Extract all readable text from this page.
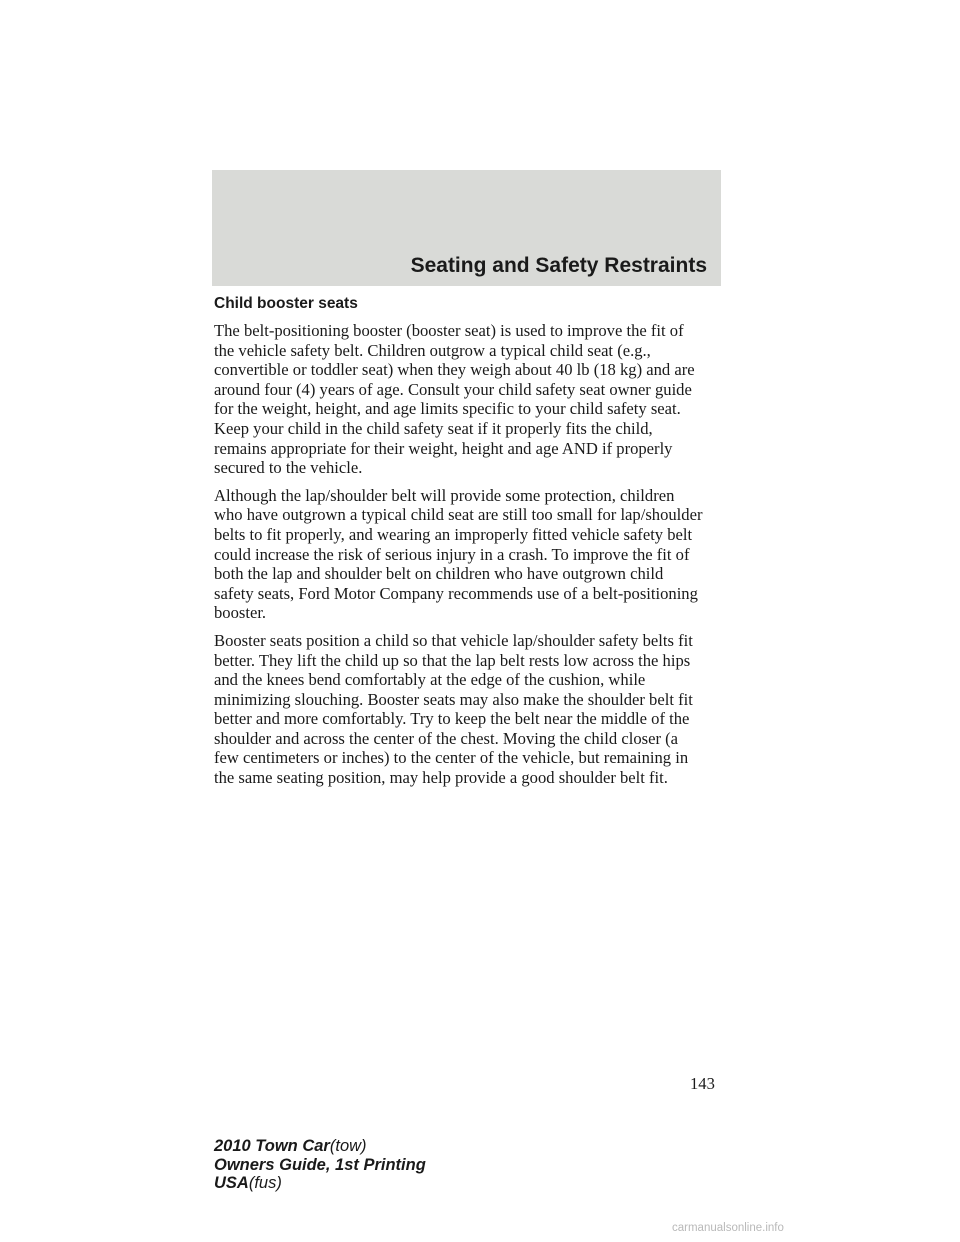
Seating and Safety Restraints
Child booster seats

The belt-positioning booster (booster seat) is used to improve the fit of
the vehicle safety belt. Children outgrow a typical child seat (e.g.,
convertible or toddler seat) when they weigh about 40 lb (18 kg) and are
around four (4) years of age. Consult your child safety seat owner guide
for the weight, height, and age limits specific to your child safety seat.
Keep your child in the child safety seat if it properly fits the child,
remains appropriate for their weight, height and age AND if properly
secured to the vehicle.

Although the lap/shoulder belt will provide some protection, children
who have outgrown a typical child seat are still too small for lap/shoulder
belts to fit properly, and wearing an improperly fitted vehicle safety belt
could increase the risk of serious injury in a crash. To improve the fit of
both the lap and shoulder belt on children who have outgrown child
safety seats, Ford Motor Company recommends use of a belt-positioning
booster.

Booster seats position a child so that vehicle lap/shoulder safety belts fit
better. They lift the child up so that the lap belt rests low across the hips
and the knees bend comfortably at the edge of the cushion, while
minimizing slouching. Booster seats may also make the shoulder belt fit
better and more comfortably. Try to keep the belt near the middle of the
shoulder and across the center of the chest. Moving the child closer (a
few centimeters or inches) to the center of the vehicle, but remaining in
the same seating position, may help provide a good shoulder belt fit.

143
2010 Town Car(tow)
Owners Guide, 1st Printing
USA(fus)
carmanualsonline.info
